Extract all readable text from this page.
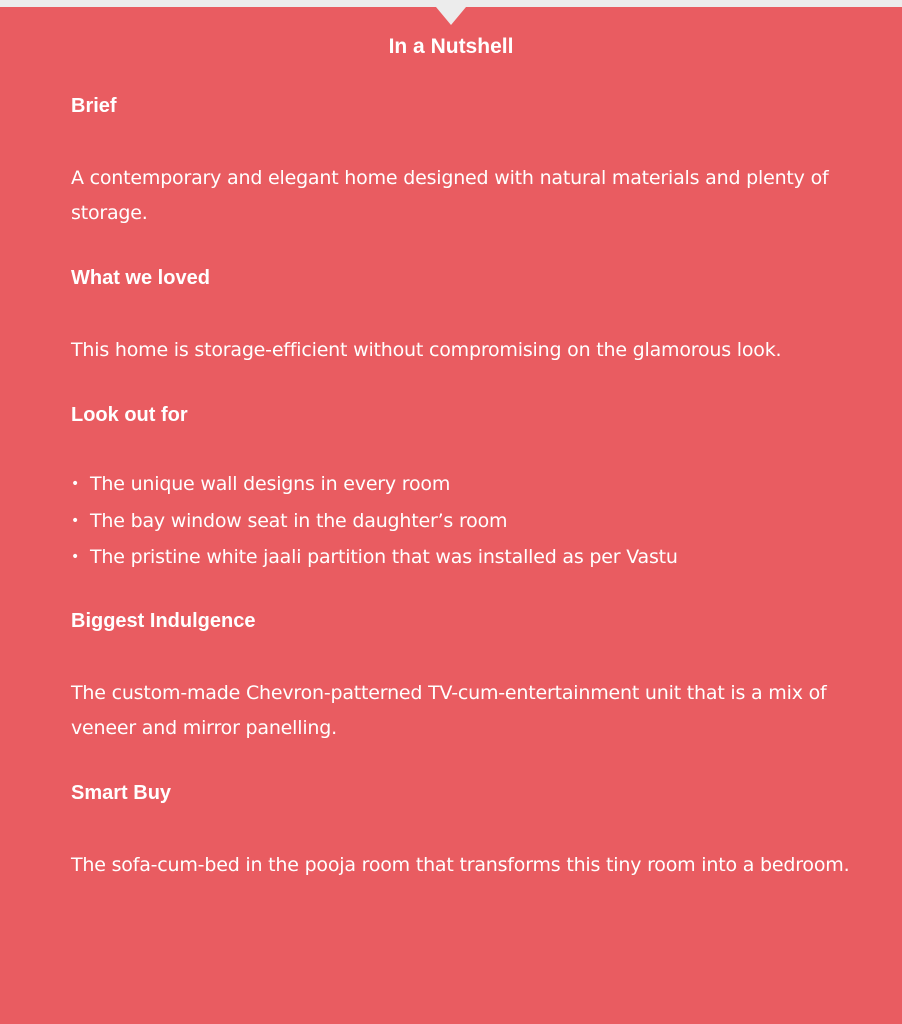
In a Nutshell
Brief
A contemporary and elegant home designed with natural materials and plenty of storage.
What we loved
This home is storage-efficient without compromising on the glamorous look.
Look out for
• The unique wall designs in every room
• The bay window seat in the daughter’s room
• The pristine white jaali partition that was installed as per Vastu
Biggest Indulgence
The custom-made Chevron-patterned TV-cum-entertainment unit that is a mix of veneer and mirror panelling.
Smart Buy
The sofa-cum-bed in the pooja room that transforms this tiny room into a bedroom.
